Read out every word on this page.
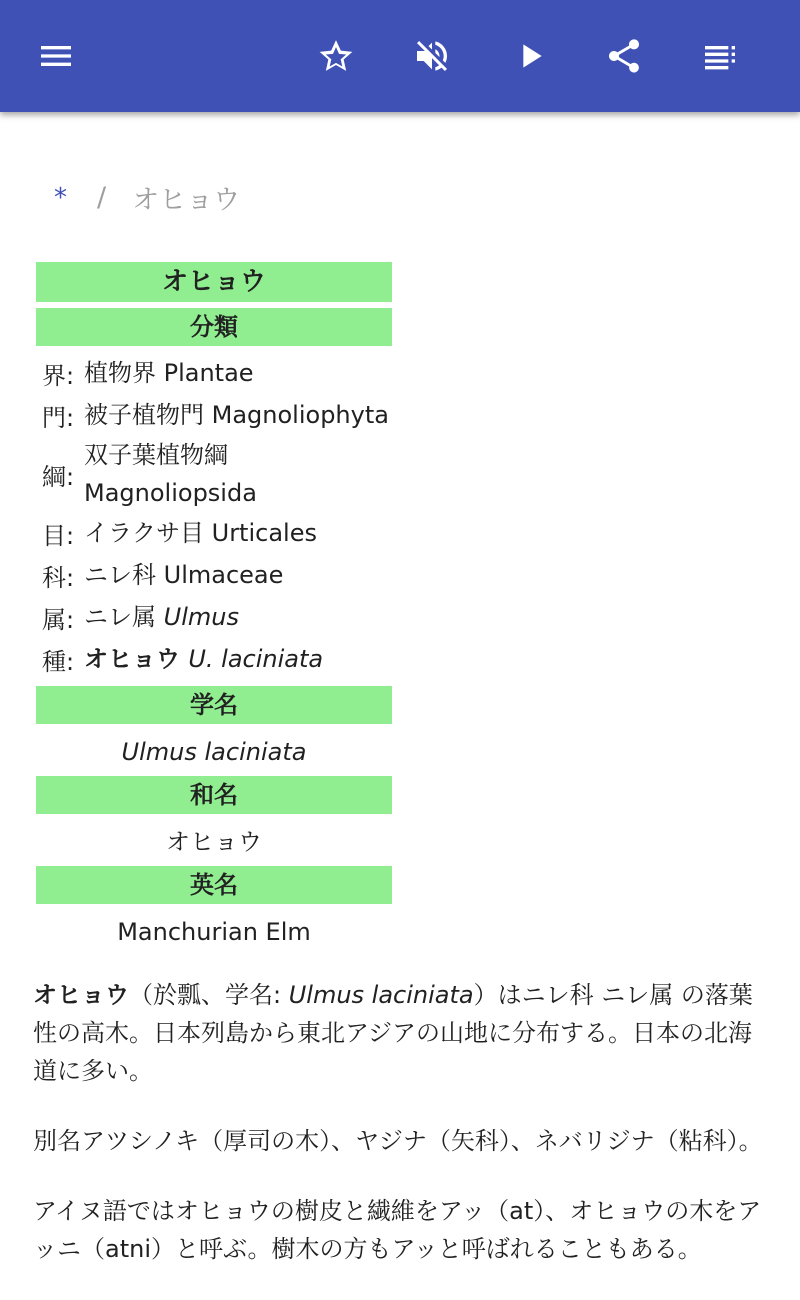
* / オヒョウ
オヒョウ
分類
界: 植物界 Plantae
門: 被子植物門 Magnoliophyta
綱:
双子葉植物綱 Magnoliopsida
目: イラクサ目 Urticales
科: ニレ科 Ulmaceae
属: ニレ属 Ulmus
種: オヒョウ U. laciniata
学名
Ulmus laciniata
和名
オヒョウ
英名
Manchurian Elm

オヒョウ（於瓢、学名: Ulmus laciniata）はニレ科 ニレ属 の落葉性の高木。日本列島から東北アジアの山地に分布する。日本の北海道に多い。

別名アツシノキ（厚司の木）、ヤジナ（矢科）、ネバリジナ（粘科）。

アイヌ語ではオヒョウの樹皮と繊維をアッ（at）、オヒョウの木をアッニ（atni）と呼ぶ。樹木の方もアッと呼ばれることもある。
